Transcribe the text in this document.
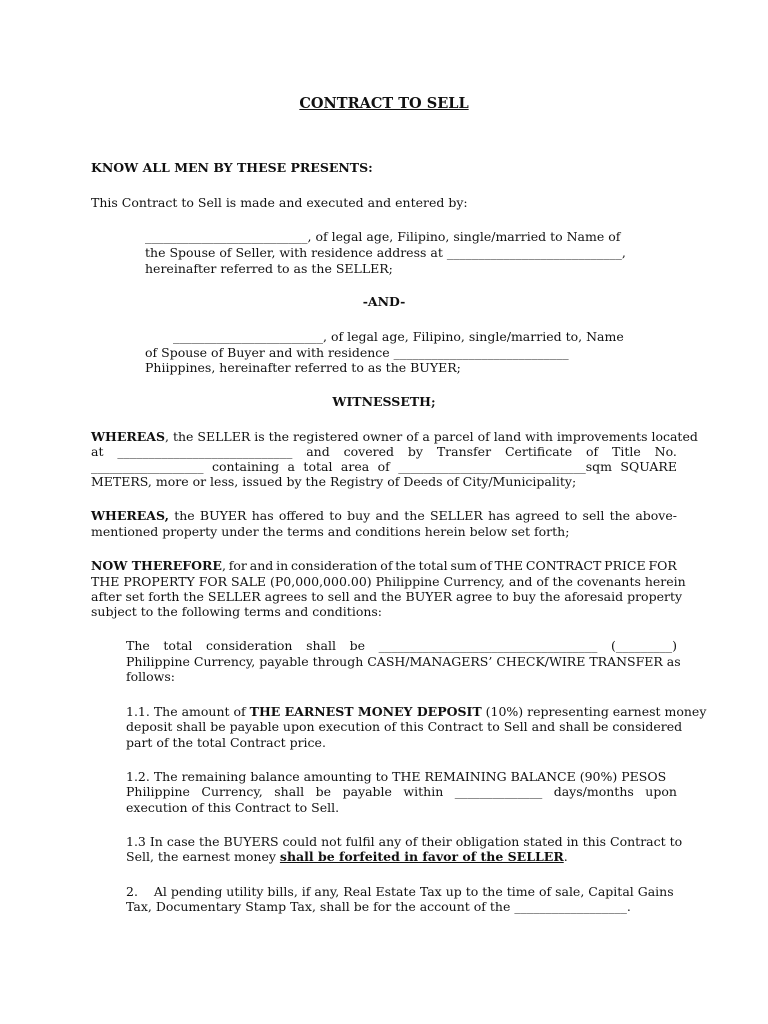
CONTRACT TO SELL
KNOW ALL MEN BY THESE PRESENTS:
This Contract to Sell is made and executed and entered by:
__________________________, of legal age, Filipino, single/married to Name of
the Spouse of Seller, with residence address at ____________________________,
hereinafter referred to as the SELLER;
-AND-
________________________, of legal age, Filipino, single/married to, Name
of Spouse of Buyer and with residence ____________________________
Phiippines, hereinafter referred to as the BUYER;
WITNESSETH;
WHEREAS, the SELLER is the registered owner of a parcel of land with improvements located
at ____________________________ and covered by Transfer Certificate of Title No.
__________________ containing a total area of ______________________________sqm SQUARE
METERS, more or less, issued by the Registry of Deeds of City/Municipality;
WHEREAS, the BUYER has offered to buy and the SELLER has agreed to sell the above-
mentioned property under the terms and conditions herein below set forth;
NOW THEREFORE, for and in consideration of the total sum of THE CONTRACT PRICE FOR
THE PROPERTY FOR SALE (P0,000,000.00) Philippine Currency, and of the covenants herein
after set forth the SELLER agrees to sell and the BUYER agree to buy the aforesaid property
subject to the following terms and conditions:
The total consideration shall be ___________________________________ (_________)
Philippine Currency, payable through CASH/MANAGERS’ CHECK/WIRE TRANSFER as
follows:
1.1. The amount of THE EARNEST MONEY DEPOSIT (10%) representing earnest money
deposit shall be payable upon execution of this Contract to Sell and shall be considered
part of the total Contract price.
1.2. The remaining balance amounting to THE REMAINING BALANCE (90%) PESOS
Philippine Currency, shall be payable within ______________ days/months upon
execution of this Contract to Sell.
1.3 In case the BUYERS could not fulfil any of their obligation stated in this Contract to
Sell, the earnest money shall be forfeited in favor of the SELLER.
2.    Al pending utility bills, if any, Real Estate Tax up to the time of sale, Capital Gains
Tax, Documentary Stamp Tax, shall be for the account of the __________________.
